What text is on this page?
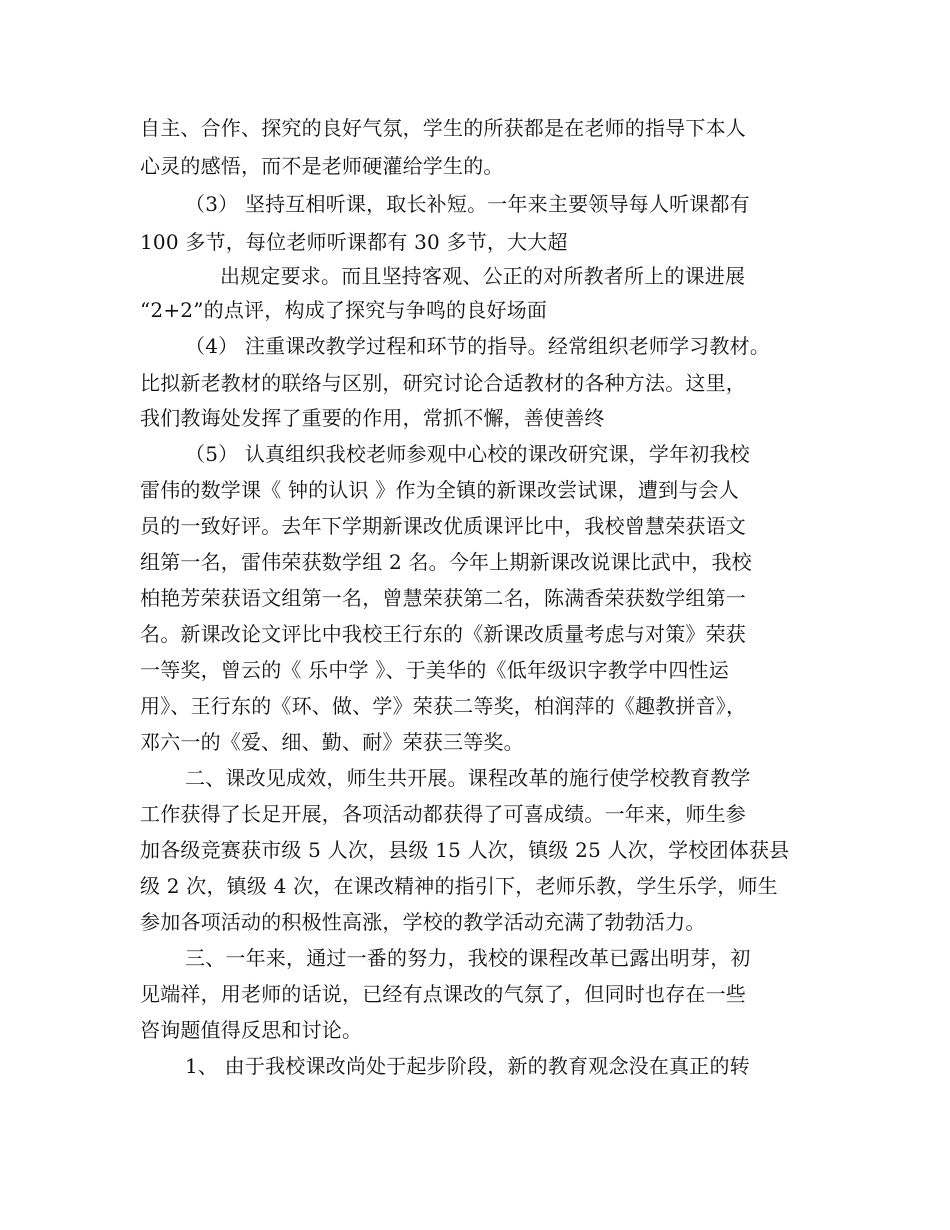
自主、合作、探究的良好气氛，学生的所获都是在老师的指导下本人
心灵的感悟，而不是老师硬灌给学生的。
（3） 坚持互相听课，取长补短。一年来主要领导每人听课都有
100 多节，每位老师听课都有 30 多节，大大超
出规定要求。而且坚持客观、公正的对所教者所上的课进展
“2+2”的点评，构成了探究与争鸣的良好场面
（4） 注重课改教学过程和环节的指导。经常组织老师学习教材。
比拟新老教材的联络与区别，研究讨论合适教材的各种方法。这里，
我们教诲处发挥了重要的作用，常抓不懈，善使善终
（5） 认真组织我校老师参观中心校的课改研究课，学年初我校
雷伟的数学课《 钟的认识 》作为全镇的新课改尝试课，遭到与会人
员的一致好评。去年下学期新课改优质课评比中，我校曾慧荣获语文
组第一名，雷伟荣获数学组 2 名。今年上期新课改说课比武中，我校
柏艳芳荣获语文组第一名，曾慧荣获第二名，陈满香荣获数学组第一
名。新课改论文评比中我校王行东的《新课改质量考虑与对策》荣获
一等奖，曾云的《 乐中学 》、于美华的《低年级识字教学中四性运
用》、王行东的《环、做、学》荣获二等奖，柏润萍的《趣教拼音》，
邓六一的《爱、细、勤、耐》荣获三等奖。
二、课改见成效，师生共开展。课程改革的施行使学校教育教学
工作获得了长足开展，各项活动都获得了可喜成绩。一年来，师生参
加各级竞赛获市级 5 人次，县级 15 人次，镇级 25 人次，学校团体获县
级 2 次，镇级 4 次，在课改精神的指引下，老师乐教，学生乐学，师生
参加各项活动的积极性高涨，学校的教学活动充满了勃勃活力。
三、一年来，通过一番的努力，我校的课程改革已露出明芽，初
见端祥，用老师的话说，已经有点课改的气氛了，但同时也存在一些
咨询题值得反思和讨论。
1、 由于我校课改尚处于起步阶段，新的教育观念没在真正的转
